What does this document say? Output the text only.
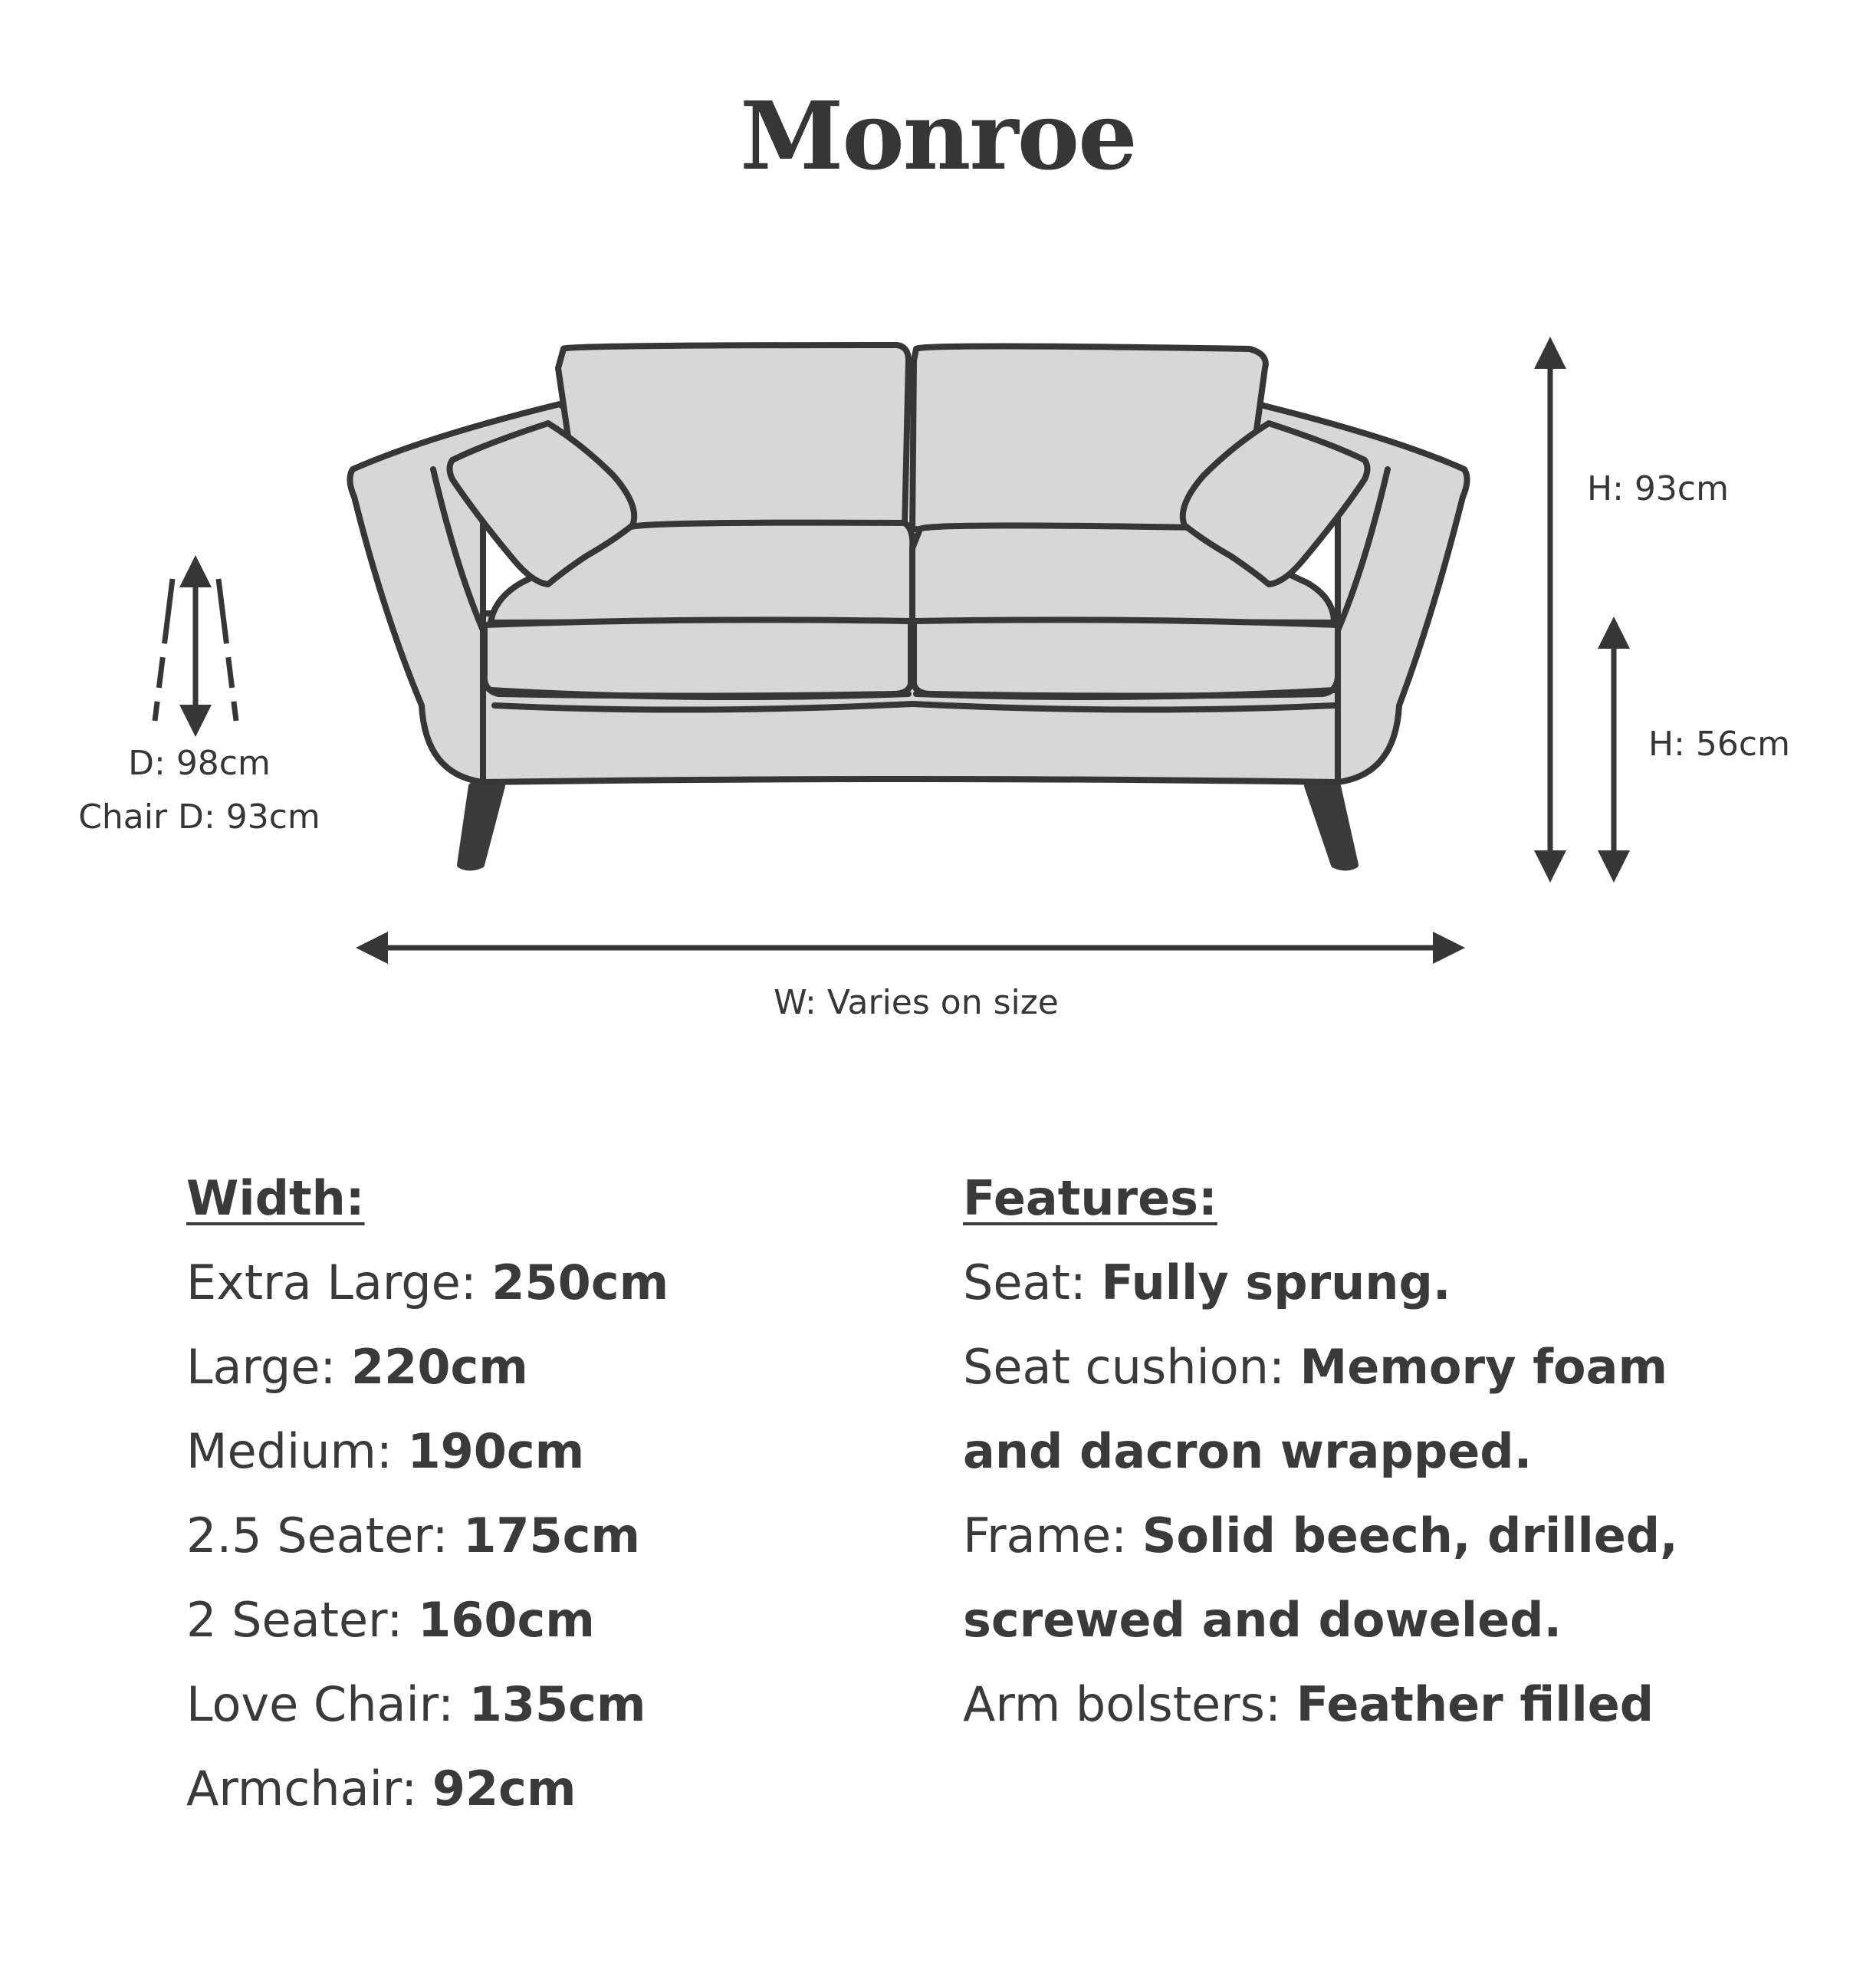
Monroe
H: 93cm
H: 56cm
D: 98cm
Chair D: 93cm
W: Varies on size
Width:
Extra Large: 250cm
Large: 220cm
Medium: 190cm
2.5 Seater: 175cm
2 Seater: 160cm
Love Chair: 135cm
Armchair: 92cm
Features:
Seat: Fully sprung.
Seat cushion: Memory foam
and dacron wrapped.
Frame: Solid beech, drilled,
screwed and doweled.
Arm bolsters: Feather filled
